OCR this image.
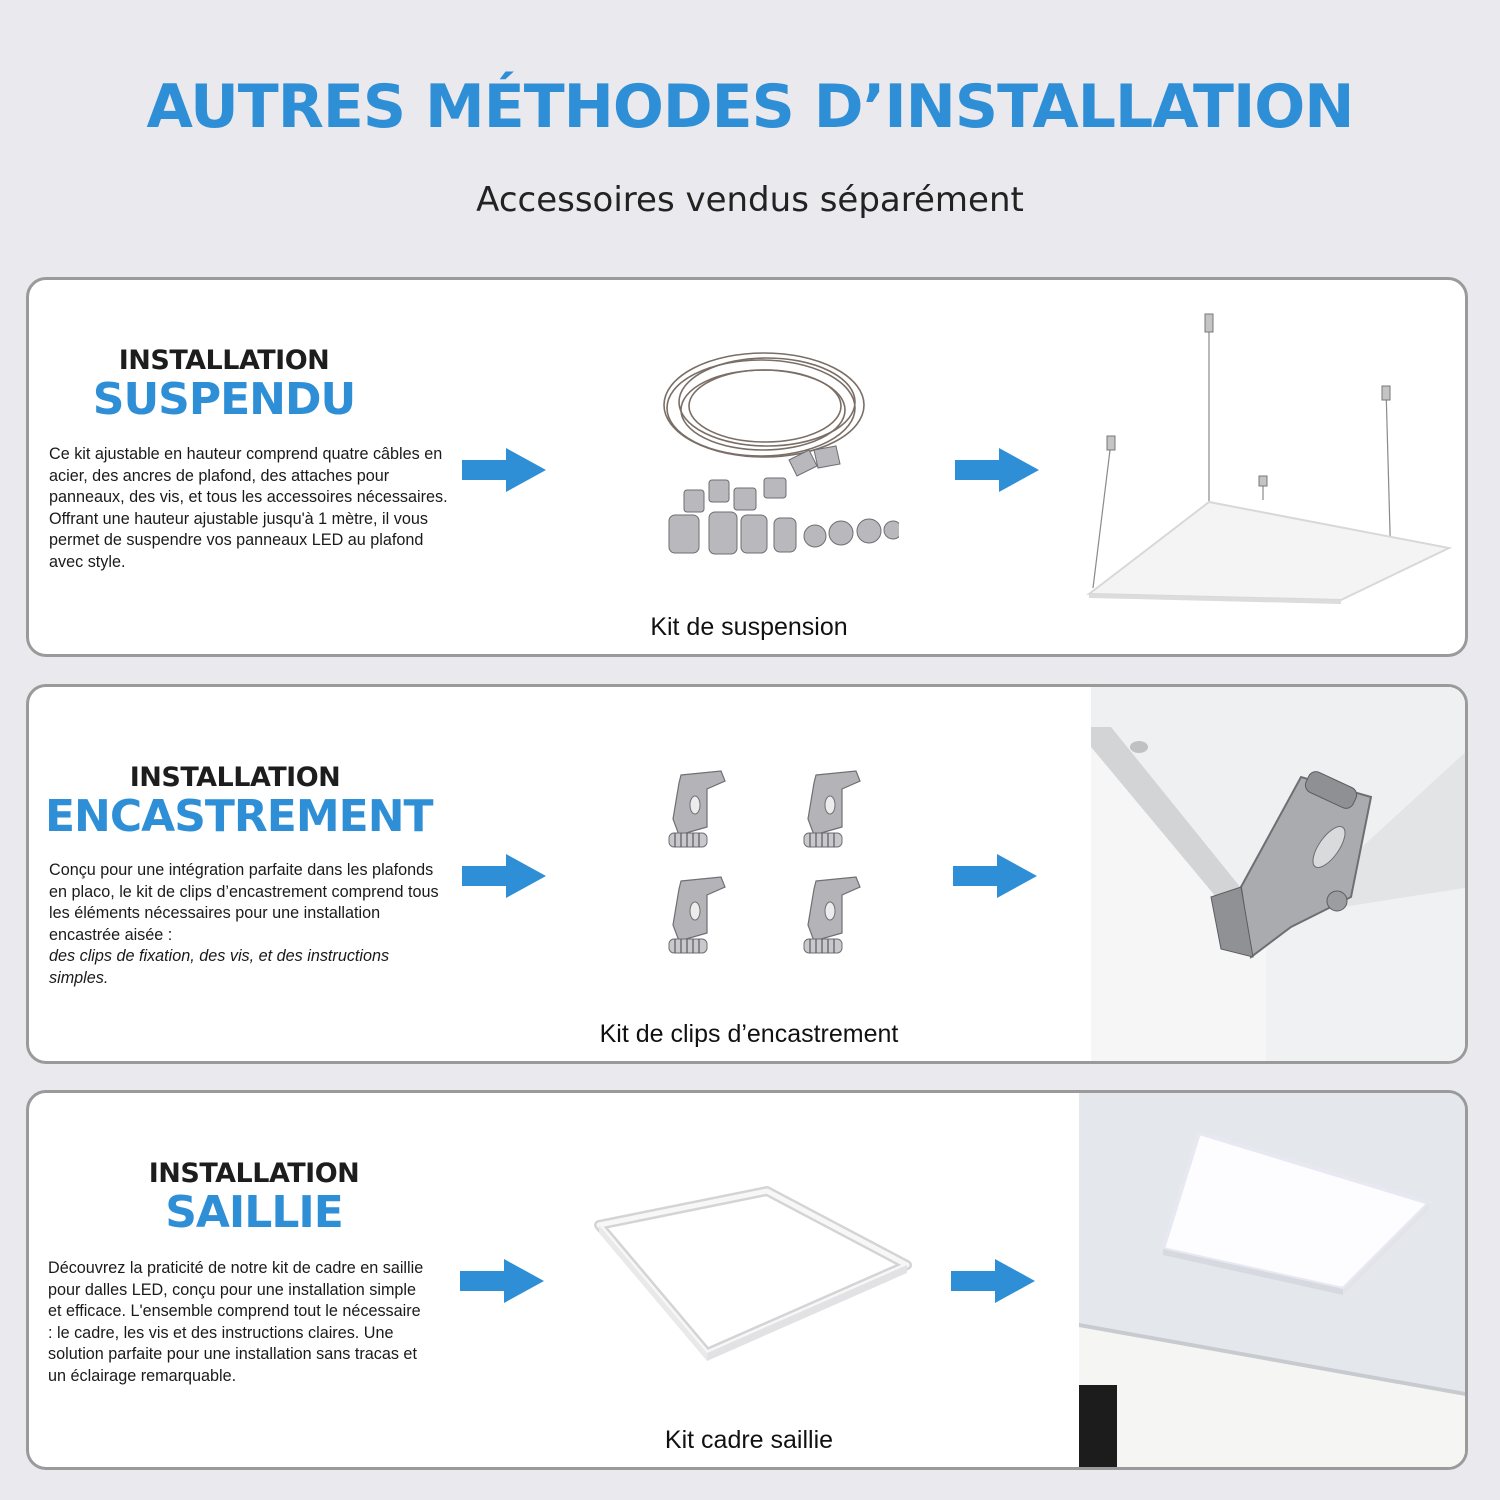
AUTRES MÉTHODES D’INSTALLATION
Accessoires vendus séparément
INSTALLATION
SUSPENDU

Ce kit ajustable en hauteur comprend quatre câbles en acier, des ancres de plafond, des attaches pour panneaux, des vis, et tous les accessoires nécessaires.

Offrant une hauteur ajustable jusqu'à 1 mètre, il vous permet de suspendre vos panneaux LED au plafond avec style.

Kit de suspension
INSTALLATION
ENCASTREMENT

Conçu pour une intégration parfaite dans les plafonds en placo, le kit de clips d’encastrement comprend tous les éléments nécessaires pour une installation encastrée aisée :

des clips de fixation, des vis, et des instructions simples.

Kit de clips d’encastrement
INSTALLATION
SAILLIE

Découvrez la praticité de notre kit de cadre en saillie pour dalles LED, conçu pour une installation simple et efficace. L'ensemble comprend tout le nécessaire : le cadre, les vis et des instructions claires. Une solution parfaite pour une installation sans tracas et un éclairage remarquable.

Kit cadre saillie
